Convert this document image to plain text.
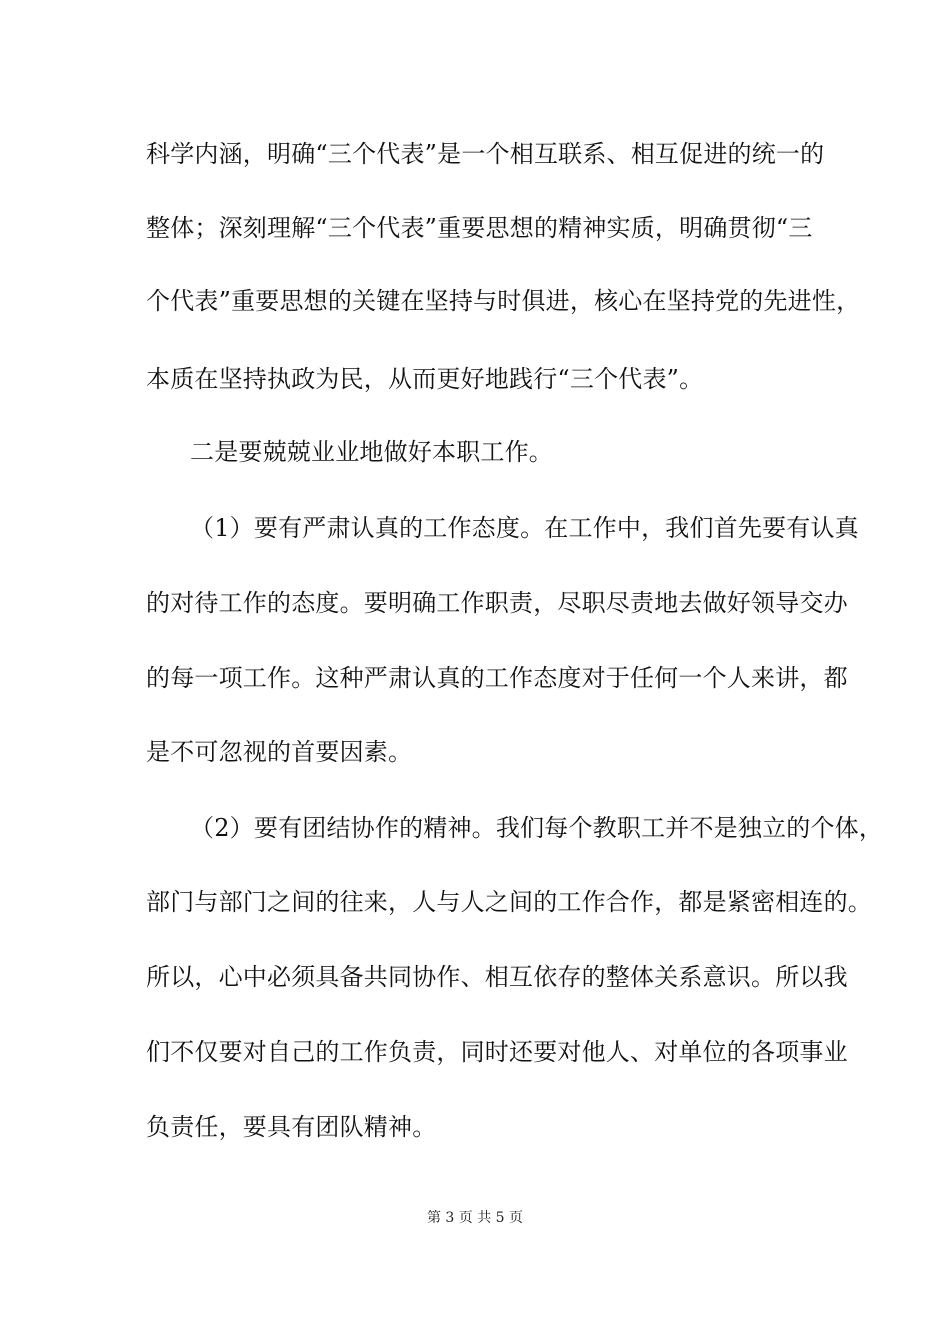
科学内涵，明确“三个代表”是一个相互联系、相互促进的统一的
整体；深刻理解“三个代表”重要思想的精神实质，明确贯彻“三
个代表”重要思想的关键在坚持与时俱进，核心在坚持党的先进性，
本质在坚持执政为民，从而更好地践行“三个代表”。
二是要兢兢业业地做好本职工作。
（1）要有严肃认真的工作态度。在工作中，我们首先要有认真
的对待工作的态度。要明确工作职责，尽职尽责地去做好领导交办
的每一项工作。这种严肃认真的工作态度对于任何一个人来讲，都
是不可忽视的首要因素。
（2）要有团结协作的精神。我们每个教职工并不是独立的个体，
部门与部门之间的往来，人与人之间的工作合作，都是紧密相连的。
所以，心中必须具备共同协作、相互依存的整体关系意识。所以我
们不仅要对自己的工作负责，同时还要对他人、对单位的各项事业
负责任，要具有团队精神。
第 3 页 共 5 页
